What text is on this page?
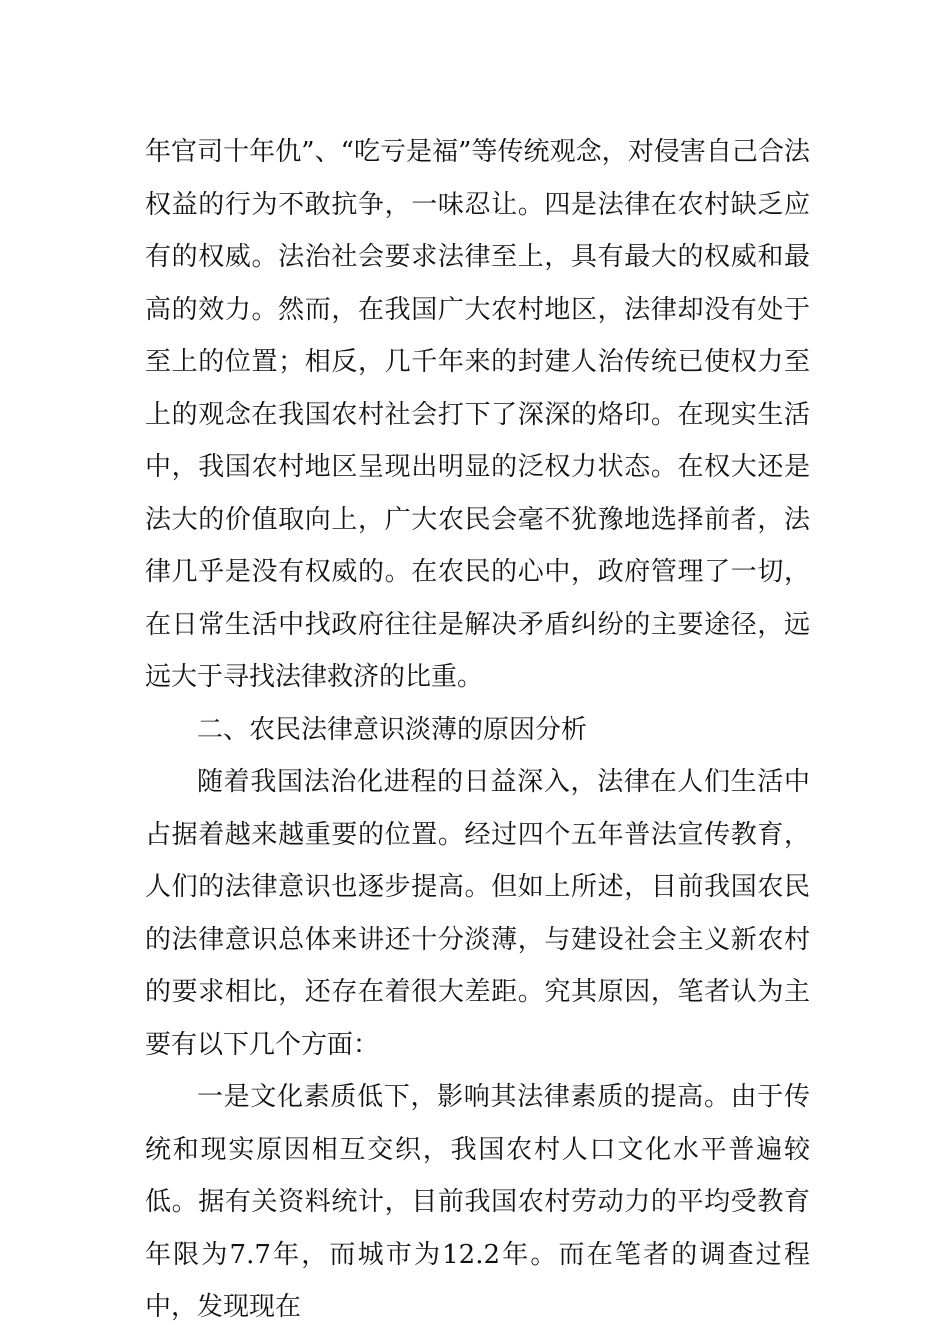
年官司十年仇”、“吃亏是福”等传统观念，对侵害自己合法权益的行为不敢抗争，一味忍让。四是法律在农村缺乏应有的权威。法治社会要求法律至上，具有最大的权威和最高的效力。然而，在我国广大农村地区，法律却没有处于至上的位置；相反，几千年来的封建人治传统已使权力至上的观念在我国农村社会打下了深深的烙印。在现实生活中，我国农村地区呈现出明显的泛权力状态。在权大还是法大的价值取向上，广大农民会毫不犹豫地选择前者，法律几乎是没有权威的。在农民的心中，政府管理了一切，在日常生活中找政府往往是解决矛盾纠纷的主要途径，远远大于寻找法律救济的比重。

二、农民法律意识淡薄的原因分析

随着我国法治化进程的日益深入，法律在人们生活中占据着越来越重要的位置。经过四个五年普法宣传教育，人们的法律意识也逐步提高。但如上所述，目前我国农民的法律意识总体来讲还十分淡薄，与建设社会主义新农村的要求相比，还存在着很大差距。究其原因，笔者认为主要有以下几个方面：

一是文化素质低下，影响其法律素质的提高。由于传统和现实原因相互交织，我国农村人口文化水平普遍较低。据有关资料统计，目前我国农村劳动力的平均受教育年限为7.7年，而城市为12.2年。而在笔者的调查过程中，发现现在
